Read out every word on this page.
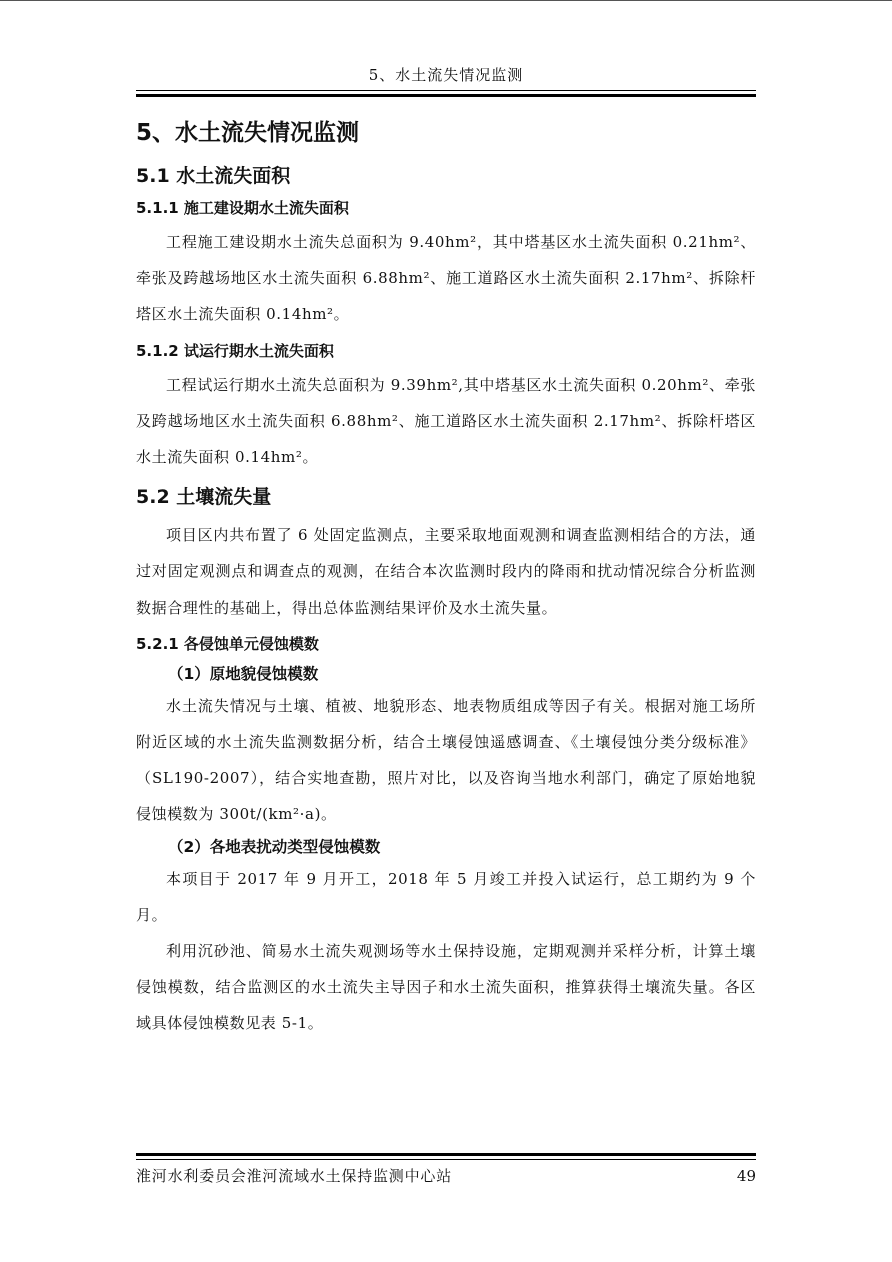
5、水土流失情况监测
5、水土流失情况监测
5.1 水土流失面积
5.1.1 施工建设期水土流失面积

工程施工建设期水土流失总面积为 9.40hm²，其中塔基区水土流失面积 0.21hm²、牵张及跨越场地区水土流失面积 6.88hm²、施工道路区水土流失面积 2.17hm²、拆除杆塔区水土流失面积 0.14hm²。

5.1.2 试运行期水土流失面积

工程试运行期水土流失总面积为 9.39hm²,其中塔基区水土流失面积 0.20hm²、牵张及跨越场地区水土流失面积 6.88hm²、施工道路区水土流失面积 2.17hm²、拆除杆塔区水土流失面积 0.14hm²。

5.2 土壤流失量

项目区内共布置了 6 处固定监测点，主要采取地面观测和调查监测相结合的方法，通过对固定观测点和调查点的观测，在结合本次监测时段内的降雨和扰动情况综合分析监测数据合理性的基础上，得出总体监测结果评价及水土流失量。

5.2.1 各侵蚀单元侵蚀模数
（1）原地貌侵蚀模数

水土流失情况与土壤、植被、地貌形态、地表物质组成等因子有关。根据对施工场所附近区域的水土流失监测数据分析，结合土壤侵蚀遥感调查、《土壤侵蚀分类分级标准》（SL190-2007），结合实地查勘，照片对比，以及咨询当地水利部门，确定了原始地貌侵蚀模数为 300t/(km²·a)。

（2）各地表扰动类型侵蚀模数

本项目于 2017 年 9 月开工，2018 年 5 月竣工并投入试运行，总工期约为 9 个月。

利用沉砂池、简易水土流失观测场等水土保持设施，定期观测并采样分析，计算土壤侵蚀模数，结合监测区的水土流失主导因子和水土流失面积，推算获得土壤流失量。各区域具体侵蚀模数见表 5-1。

淮河水利委员会淮河流域水土保持监测中心站	49
